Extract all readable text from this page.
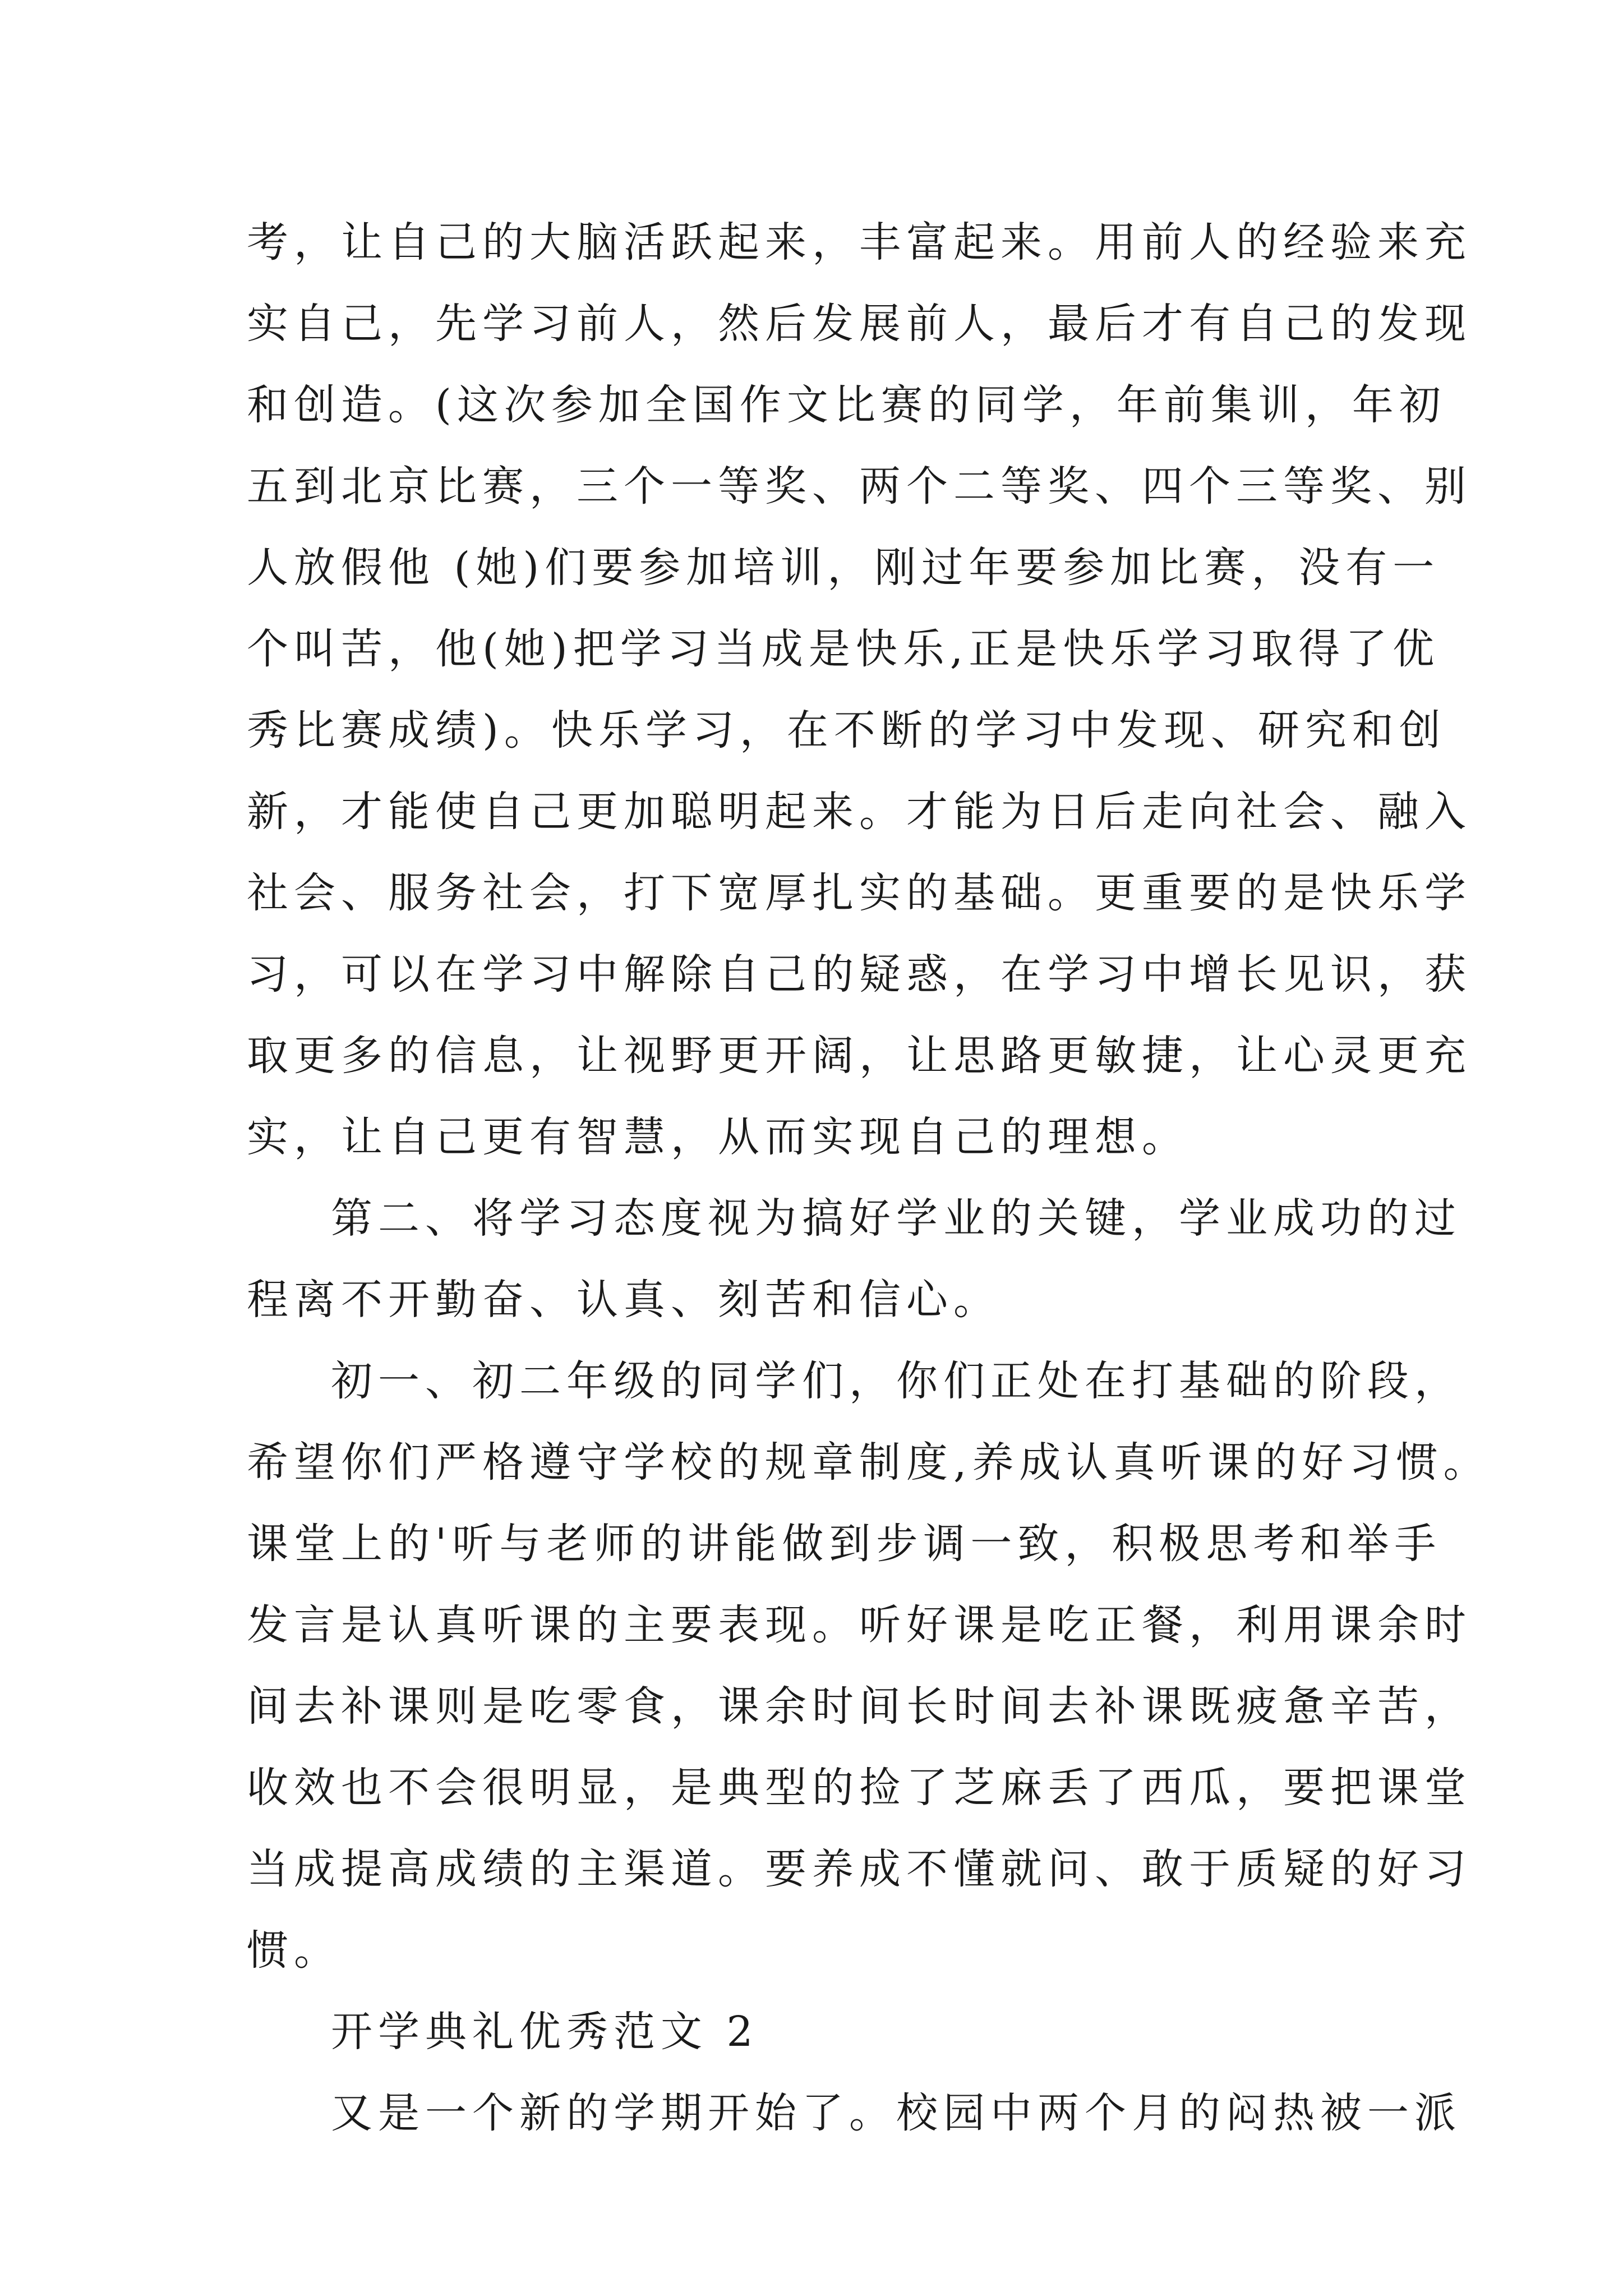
考，让自己的大脑活跃起来，丰富起来。用前人的经验来充
实自己，先学习前人，然后发展前人，最后才有自己的发现
和创造。(这次参加全国作文比赛的同学，年前集训，年初
五到北京比赛，三个一等奖、两个二等奖、四个三等奖、别
人放假他 (她)们要参加培训，刚过年要参加比赛，没有一
个叫苦，他(她)把学习当成是快乐,正是快乐学习取得了优
秀比赛成绩)。快乐学习，在不断的学习中发现、研究和创
新，才能使自己更加聪明起来。才能为日后走向社会、融入
社会、服务社会，打下宽厚扎实的基础。更重要的是快乐学
习，可以在学习中解除自己的疑惑，在学习中增长见识，获
取更多的信息，让视野更开阔，让思路更敏捷，让心灵更充
实，让自己更有智慧，从而实现自己的理想。
第二、将学习态度视为搞好学业的关键，学业成功的过
程离不开勤奋、认真、刻苦和信心。
初一、初二年级的同学们，你们正处在打基础的阶段，
希望你们严格遵守学校的规章制度,养成认真听课的好习惯。
课堂上的'听与老师的讲能做到步调一致，积极思考和举手
发言是认真听课的主要表现。听好课是吃正餐，利用课余时
间去补课则是吃零食，课余时间长时间去补课既疲惫辛苦，
收效也不会很明显，是典型的捡了芝麻丢了西瓜，要把课堂
当成提高成绩的主渠道。要养成不懂就问、敢于质疑的好习
惯。
开学典礼优秀范文 2
又是一个新的学期开始了。校园中两个月的闷热被一派
